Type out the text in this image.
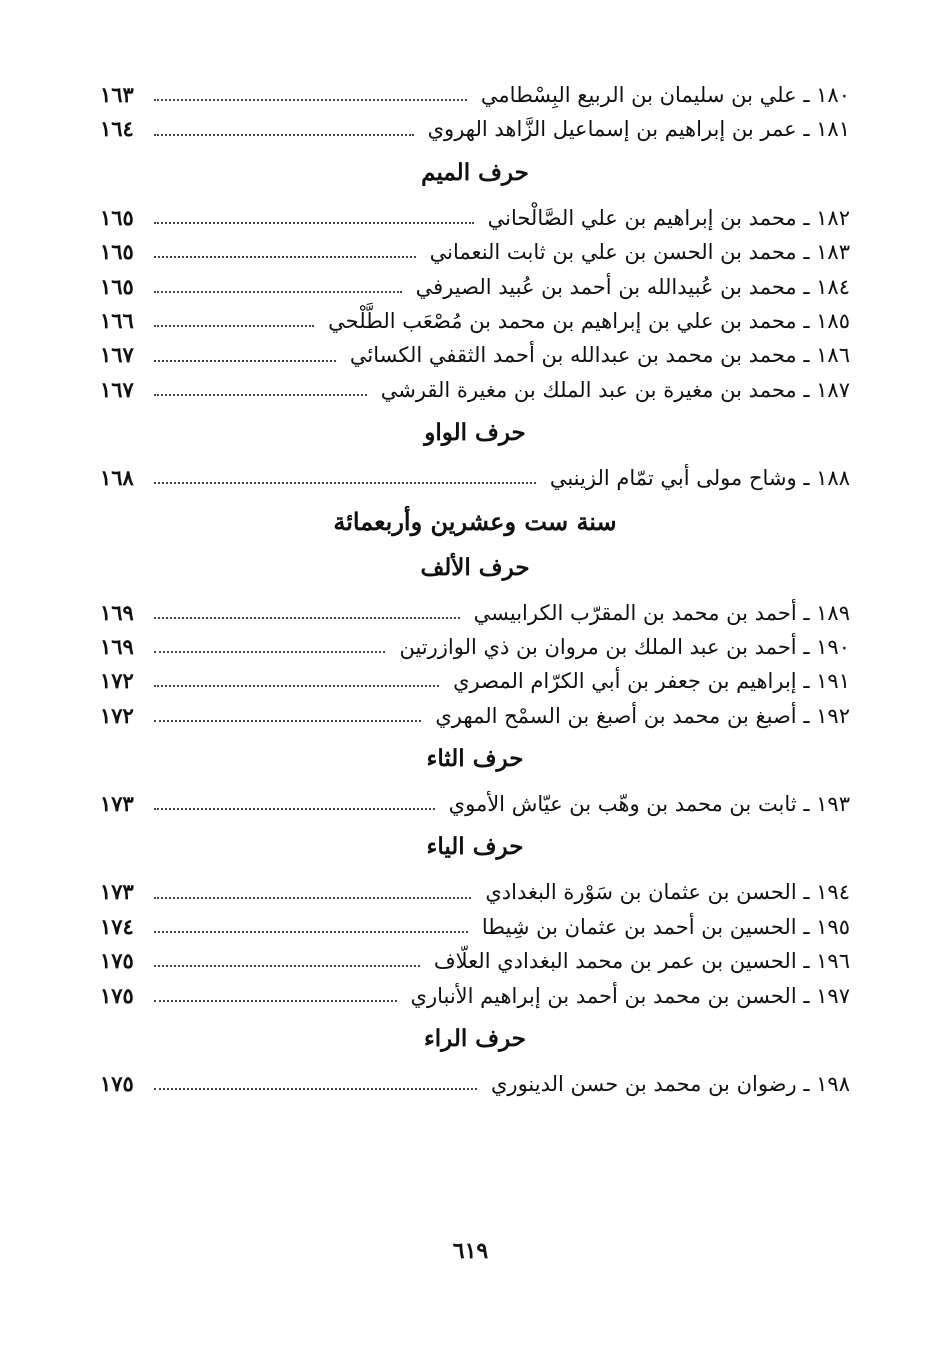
١٨٠ ـ علي بن سليمان بن الربيع البِسْطامي
١٦٣
١٨١ ـ عمر بن إبراهيم بن إسماعيل الزَّاهد الهروي
١٦٤
حرف الميم
١٨٢ ـ محمد بن إبراهيم بن علي الصَّالْحاني
١٦٥
١٨٣ ـ محمد بن الحسن بن علي بن ثابت النعماني
١٦٥
١٨٤ ـ محمد بن عُبيدالله بن أحمد بن عُبيد الصيرفي
١٦٥
١٨٥ ـ محمد بن علي بن إبراهيم بن محمد بن مُصْعَب الطَّلْحي
١٦٦
١٨٦ ـ محمد بن محمد بن عبدالله بن أحمد الثقفي الكسائي
١٦٧
١٨٧ ـ محمد بن مغيرة بن عبد الملك بن مغيرة القرشي
١٦٧
حرف الواو
١٨٨ ـ وشاح مولى أبي تمّام الزينبي
١٦٨
سنة ست وعشرين وأربعمائة
حرف الألف
١٨٩ ـ أحمد بن محمد بن المقرّب الكرابيسي
١٦٩
١٩٠ ـ أحمد بن عبد الملك بن مروان بن ذي الوازرتين
١٦٩
١٩١ ـ إبراهيم بن جعفر بن أبي الكرّام المصري
١٧٢
١٩٢ ـ أصبغ بن محمد بن أصبغ بن السمْح المهري
١٧٢
حرف الثاء
١٩٣ ـ ثابت بن محمد بن وهّب بن عيّاش الأموي
١٧٣
حرف الياء
١٩٤ ـ الحسن بن عثمان بن سَوْرة البغدادي
١٧٣
١٩٥ ـ الحسين بن أحمد بن عثمان بن شِيطا
١٧٤
١٩٦ ـ الحسين بن عمر بن محمد البغدادي العلّاف
١٧٥
١٩٧ ـ الحسن بن محمد بن أحمد بن إبراهيم الأنباري
١٧٥
حرف الراء
١٩٨ ـ رضوان بن محمد بن حسن الدينوري
١٧٥
٦١٩
